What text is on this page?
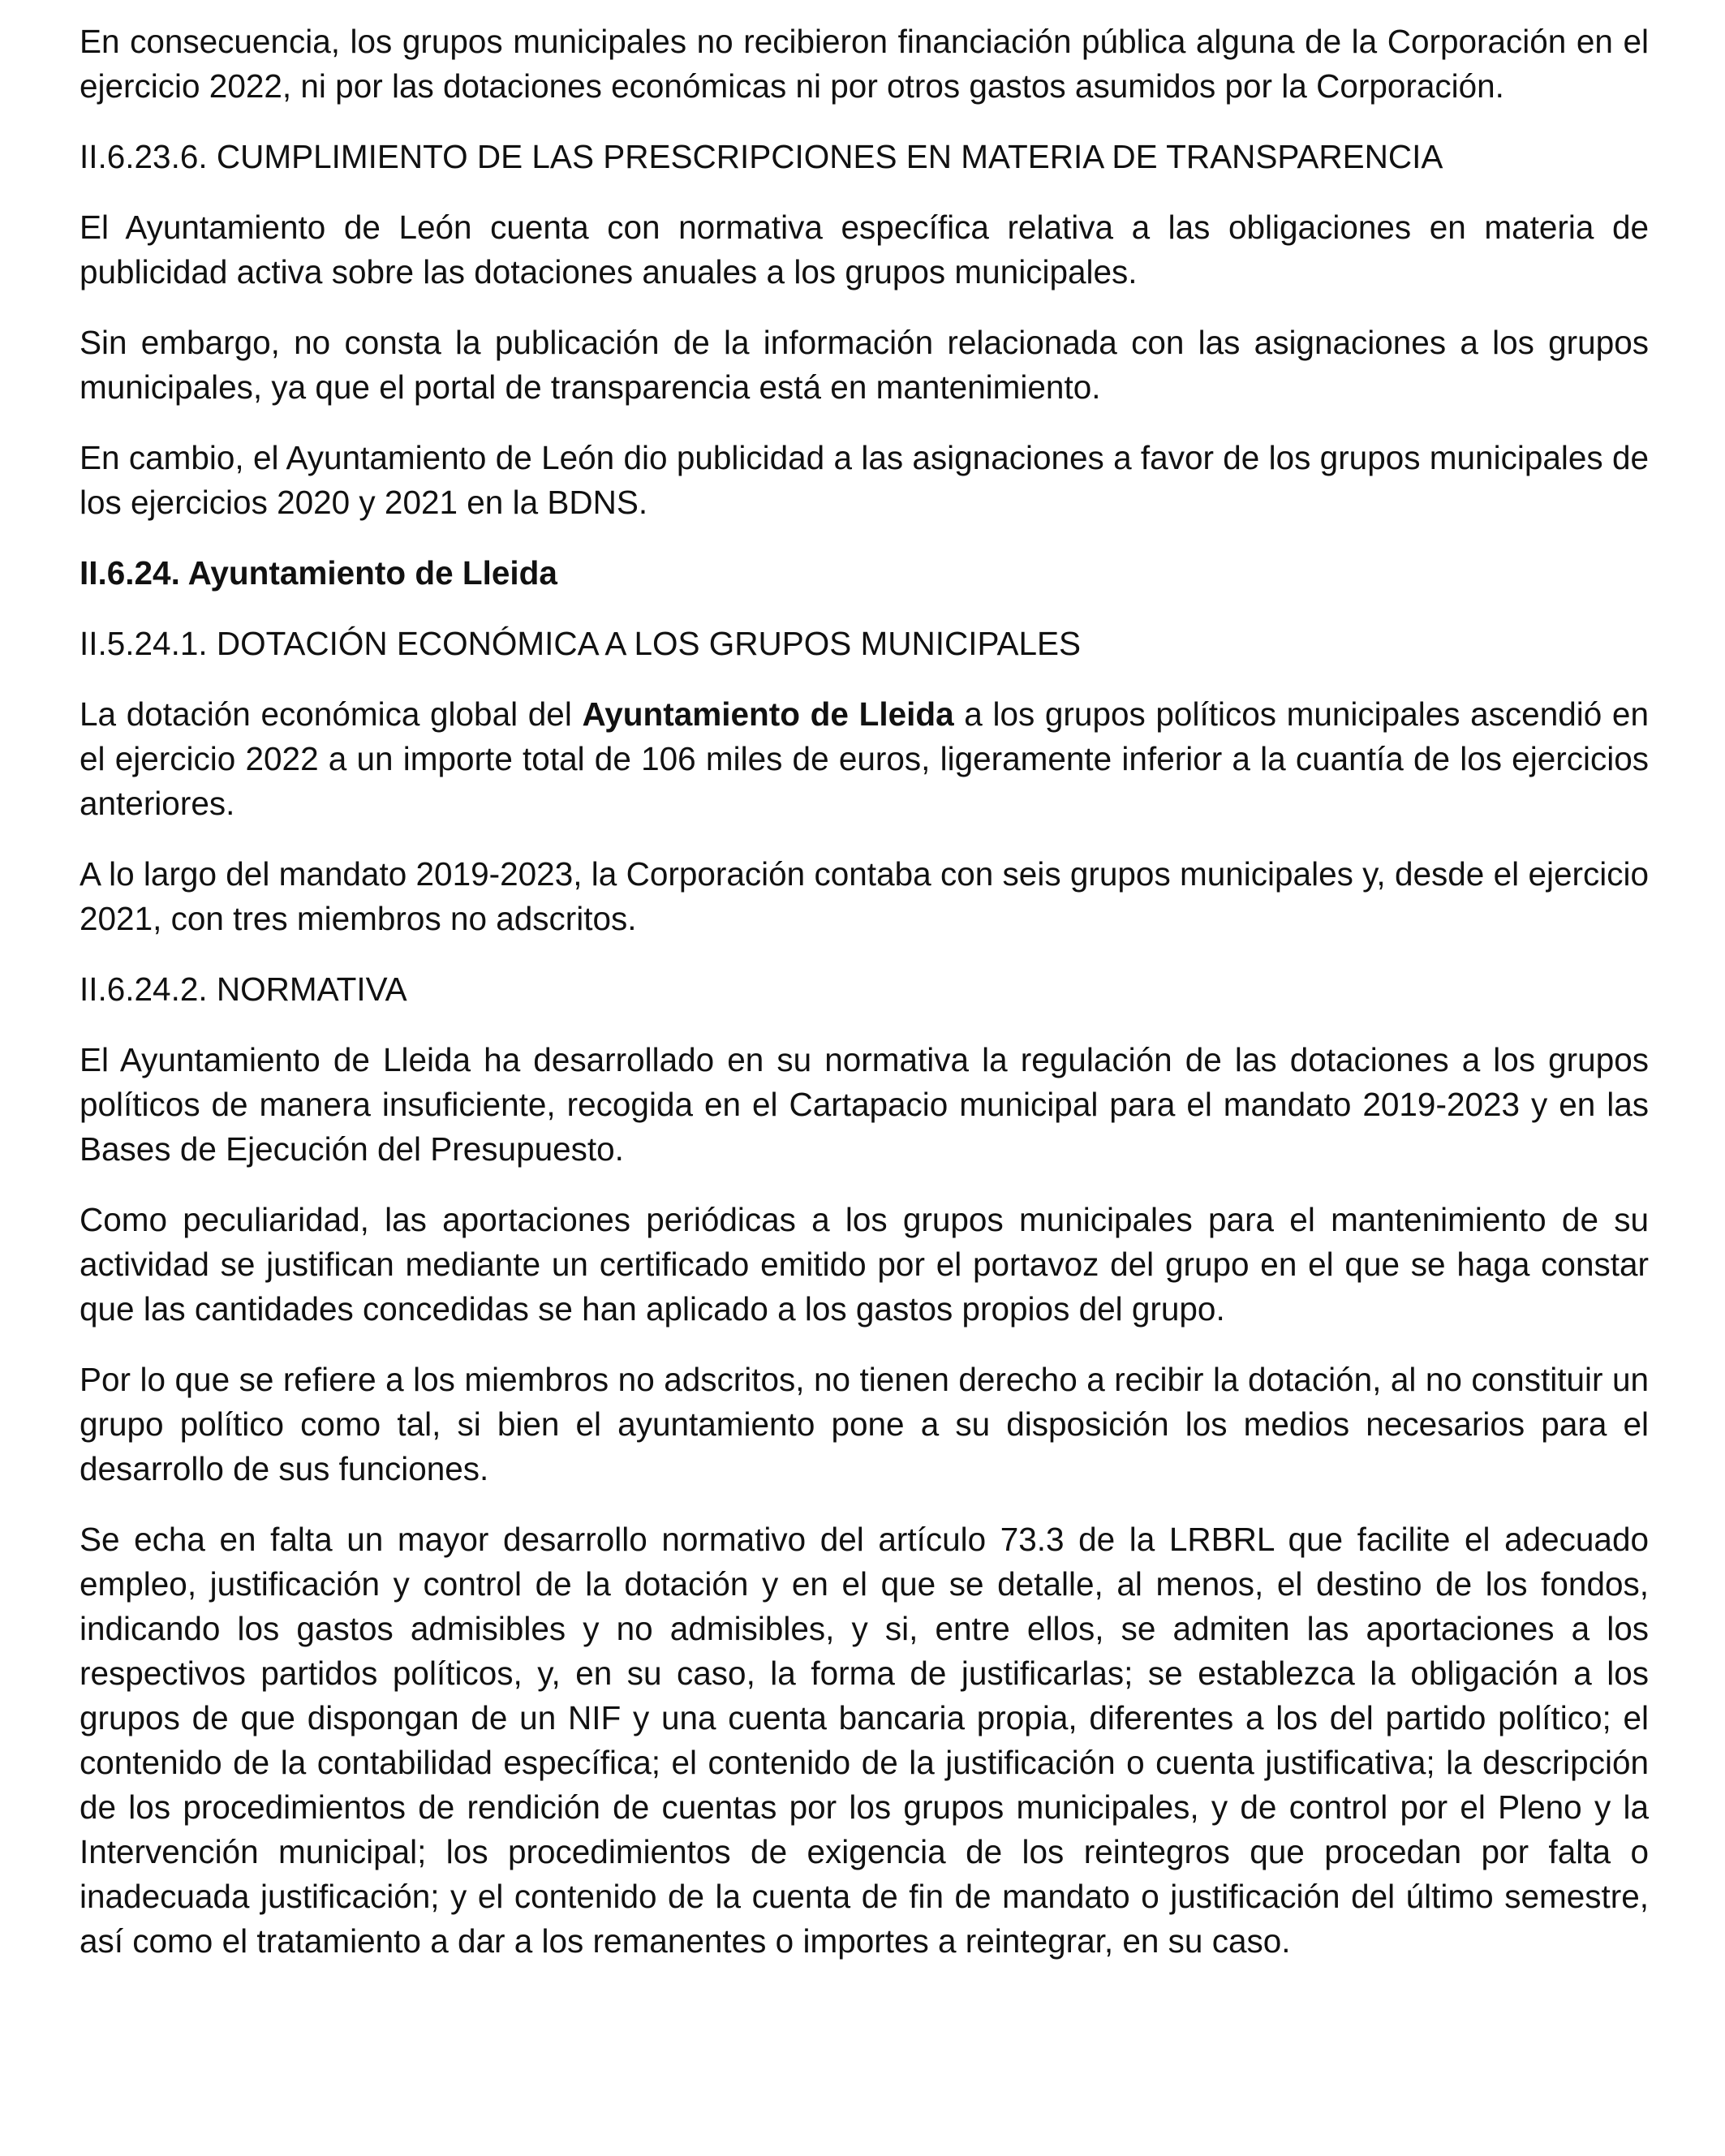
En consecuencia, los grupos municipales no recibieron financiación pública alguna de la Corporación en el ejercicio 2022, ni por las dotaciones económicas ni por otros gastos asumidos por la Corporación.

II.6.23.6. CUMPLIMIENTO DE LAS PRESCRIPCIONES EN MATERIA DE TRANSPARENCIA

El Ayuntamiento de León cuenta con normativa específica relativa a las obligaciones en materia de publicidad activa sobre las dotaciones anuales a los grupos municipales.

Sin embargo, no consta la publicación de la información relacionada con las asignaciones a los grupos municipales, ya que el portal de transparencia está en mantenimiento.

En cambio, el Ayuntamiento de León dio publicidad a las asignaciones a favor de los grupos municipales de los ejercicios 2020 y 2021 en la BDNS.

II.6.24. Ayuntamiento de Lleida

II.5.24.1. DOTACIÓN ECONÓMICA A LOS GRUPOS MUNICIPALES

La dotación económica global del Ayuntamiento de Lleida a los grupos políticos municipales ascendió en el ejercicio 2022 a un importe total de 106 miles de euros, ligeramente inferior a la cuantía de los ejercicios anteriores.

A lo largo del mandato 2019-2023, la Corporación contaba con seis grupos municipales y, desde el ejercicio 2021, con tres miembros no adscritos.

II.6.24.2. NORMATIVA

El Ayuntamiento de Lleida ha desarrollado en su normativa la regulación de las dotaciones a los grupos políticos de manera insuficiente, recogida en el Cartapacio municipal para el mandato 2019-2023 y en las Bases de Ejecución del Presupuesto.

Como peculiaridad, las aportaciones periódicas a los grupos municipales para el mantenimiento de su actividad se justifican mediante un certificado emitido por el portavoz del grupo en el que se haga constar que las cantidades concedidas se han aplicado a los gastos propios del grupo.

Por lo que se refiere a los miembros no adscritos, no tienen derecho a recibir la dotación, al no constituir un grupo político como tal, si bien el ayuntamiento pone a su disposición los medios necesarios para el desarrollo de sus funciones.

Se echa en falta un mayor desarrollo normativo del artículo 73.3 de la LRBRL que facilite el adecuado empleo, justificación y control de la dotación y en el que se detalle, al menos, el destino de los fondos, indicando los gastos admisibles y no admisibles, y si, entre ellos, se admiten las aportaciones a los respectivos partidos políticos, y, en su caso, la forma de justificarlas; se establezca la obligación a los grupos de que dispongan de un NIF y una cuenta bancaria propia, diferentes a los del partido político; el contenido de la contabilidad específica; el contenido de la justificación o cuenta justificativa; la descripción de los procedimientos de rendición de cuentas por los grupos municipales, y de control por el Pleno y la Intervención municipal; los procedimientos de exigencia de los reintegros que procedan por falta o inadecuada justificación; y el contenido de la cuenta de fin de mandato o justificación del último semestre, así como el tratamiento a dar a los remanentes o importes a reintegrar, en su caso.
